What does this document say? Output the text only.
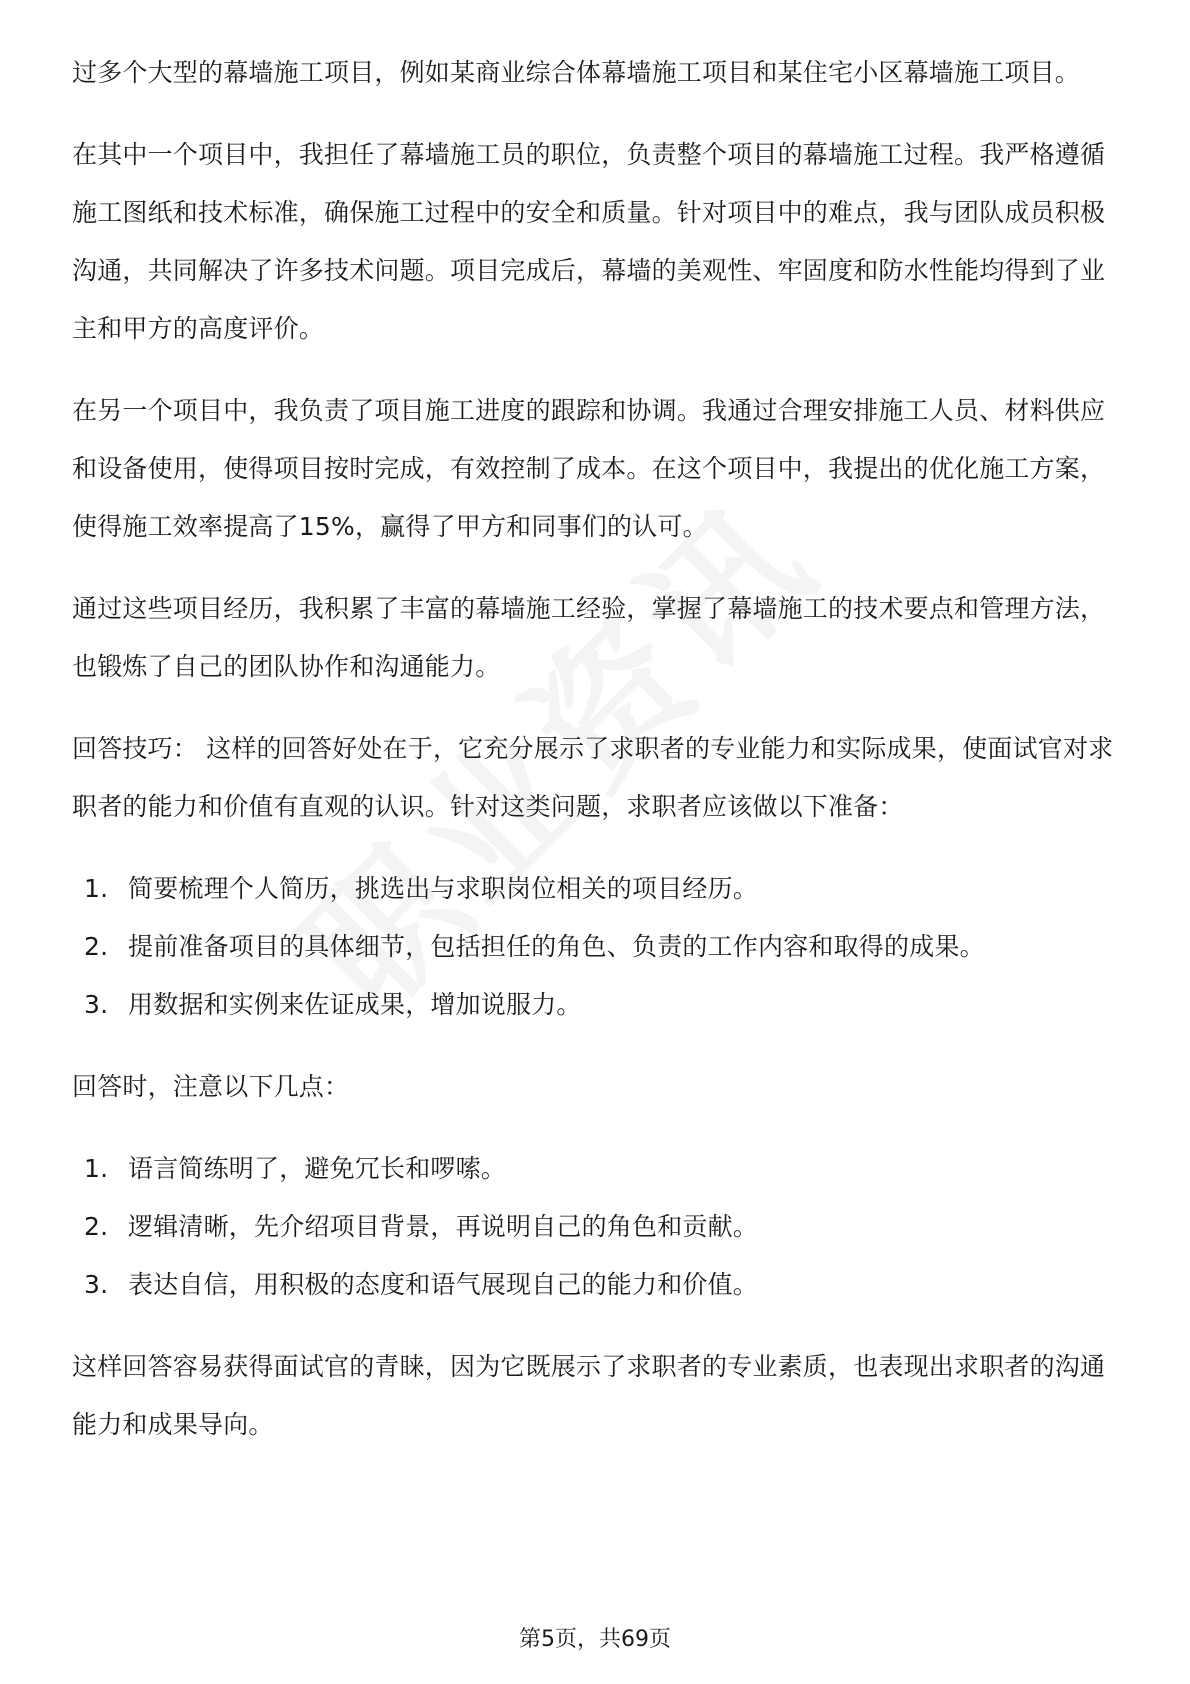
过多个大型的幕墙施工项目，例如某商业综合体幕墙施工项目和某住宅小区幕墙施工项目。

在其中一个项目中，我担任了幕墙施工员的职位，负责整个项目的幕墙施工过程。我严格遵循施工图纸和技术标准，确保施工过程中的安全和质量。针对项目中的难点，我与团队成员积极沟通，共同解决了许多技术问题。项目完成后，幕墙的美观性、牢固度和防水性能均得到了业主和甲方的高度评价。

在另一个项目中，我负责了项目施工进度的跟踪和协调。我通过合理安排施工人员、材料供应和设备使用，使得项目按时完成，有效控制了成本。在这个项目中，我提出的优化施工方案，使得施工效率提高了15%，赢得了甲方和同事们的认可。

通过这些项目经历，我积累了丰富的幕墙施工经验，掌握了幕墙施工的技术要点和管理方法，也锻炼了自己的团队协作和沟通能力。

回答技巧： 这样的回答好处在于，它充分展示了求职者的专业能力和实际成果，使面试官对求职者的能力和价值有直观的认识。针对这类问题，求职者应该做以下准备：

1. 简要梳理个人简历，挑选出与求职岗位相关的项目经历。
2. 提前准备项目的具体细节，包括担任的角色、负责的工作内容和取得的成果。
3. 用数据和实例来佐证成果，增加说服力。

回答时，注意以下几点：

1. 语言简练明了，避免冗长和啰嗦。
2. 逻辑清晰，先介绍项目背景，再说明自己的角色和贡献。
3. 表达自信，用积极的态度和语气展现自己的能力和价值。

这样回答容易获得面试官的青睐，因为它既展示了求职者的专业素质，也表现出求职者的沟通能力和成果导向。

第5页，共69页
